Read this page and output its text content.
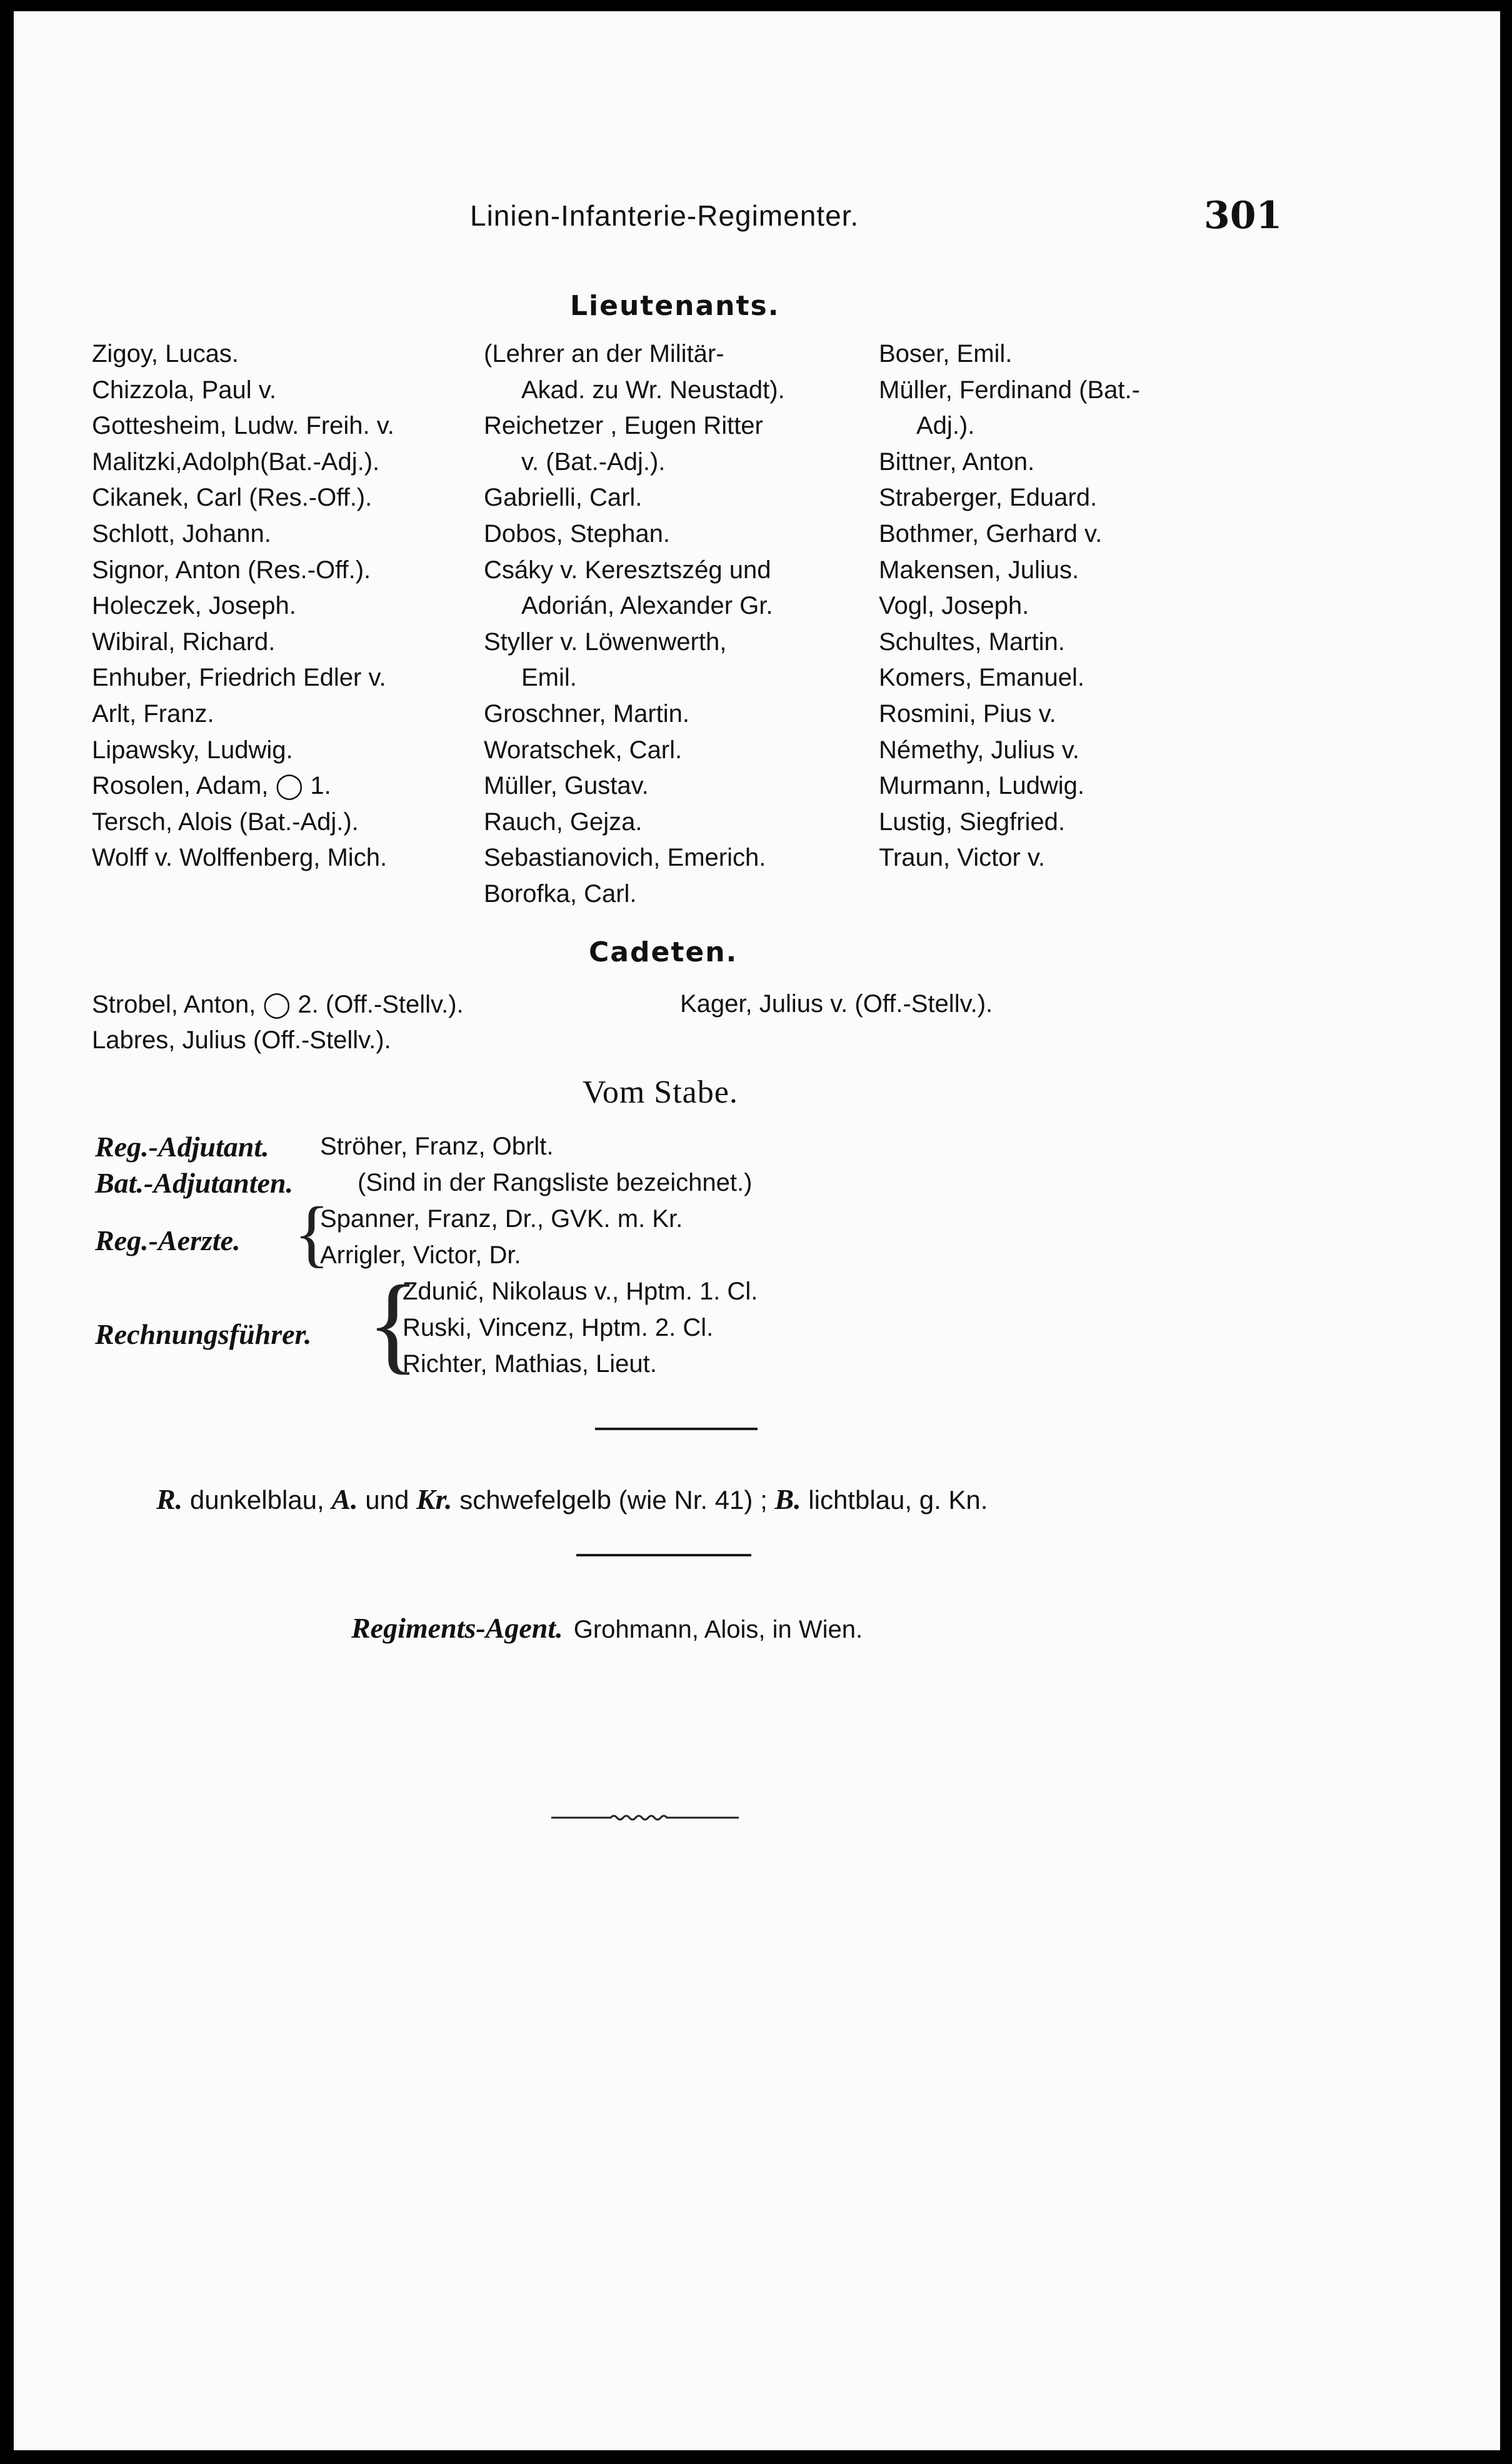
Linien-Infanterie-Regimenter.	301
Lieutenants.
Zigoy, Lucas.
Chizzola, Paul v.
Gottesheim, Ludw. Freih. v.
Malitzki,Adolph(Bat.-Adj.).
Cikanek, Carl (Res.-Off.).
Schlott, Johann.
Signor, Anton (Res.-Off.).
Holeczek, Joseph.
Wibiral, Richard.
Enhuber, Friedrich Edler v.
Arlt, Franz.
Lipawsky, Ludwig.
Rosolen, Adam, ◯ 1.
Tersch, Alois (Bat.-Adj.).
Wolff v. Wolffenberg, Mich.
(Lehrer an der Militär-
Akad. zu Wr. Neustadt).
Reichetzer , Eugen Ritter
v. (Bat.-Adj.).
Gabrielli, Carl.
Dobos, Stephan.
Csáky v. Keresztszég und
Adorián, Alexander Gr.
Styller v. Löwenwerth,
Emil.
Groschner, Martin.
Woratschek, Carl.
Müller, Gustav.
Rauch, Gejza.
Sebastianovich, Emerich.
Borofka, Carl.
Boser, Emil.
Müller, Ferdinand (Bat.-
Adj.).
Bittner, Anton.
Straberger, Eduard.
Bothmer, Gerhard v.
Makensen, Julius.
Vogl, Joseph.
Schultes, Martin.
Komers, Emanuel.
Rosmini, Pius v.
Némethy, Julius v.
Murmann, Ludwig.
Lustig, Siegfried.
Traun, Victor v.
Cadeten.
Strobel, Anton, ◯ 2. (Off.-Stellv.).
Labres, Julius (Off.-Stellv.).
Kager, Julius v. (Off.-Stellv.).
Vom Stabe.
Reg.-Adjutant. Ströher, Franz, Obrlt.
Bat.-Adjutanten.	(Sind in der Rangsliste bezeichnet.)
Reg.-Aerzte. {
Spanner, Franz, Dr., GVK. m. Kr.
Arrigler, Victor, Dr.
Rechnungsführer. {
Zdunić, Nikolaus v., Hptm. 1. Cl.
Ruski, Vincenz, Hptm. 2. Cl.
Richter, Mathias, Lieut.
R. dunkelblau, A. und Kr. schwefelgelb (wie Nr. 41) ; B. lichtblau, g. Kn.
Regiments-Agent. Grohmann, Alois, in Wien.
